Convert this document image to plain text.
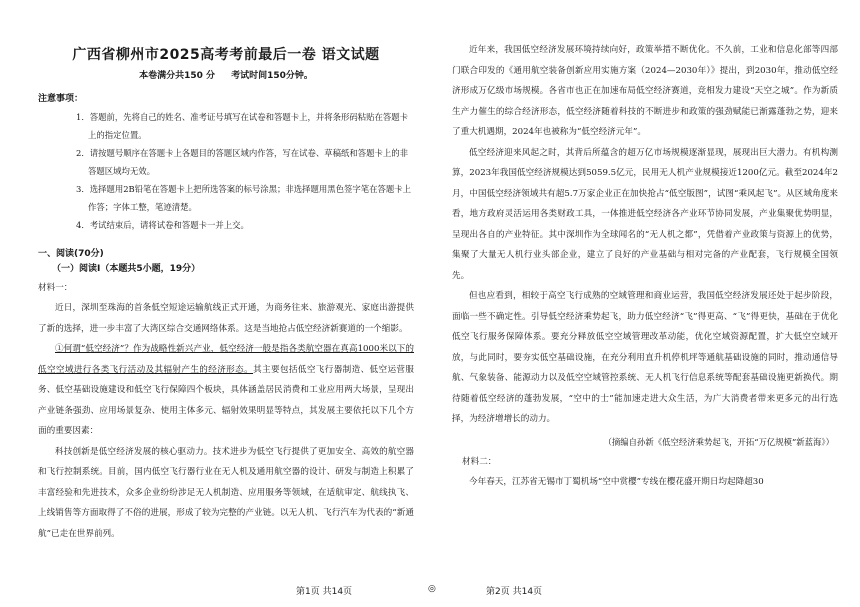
广西省柳州市2025高考考前最后一卷 语文试题
本卷满分共150 分 考试时间150分钟。
注意事项：
1．答题前，先将自己的姓名、准考证号填写在试卷和答题卡上，并将条形码粘贴在答题卡上的指定位置。
2．请按题号顺序在答题卡上各题目的答题区域内作答，写在试卷、草稿纸和答题卡上的非答题区域均无效。
3．选择题用2B铅笔在答题卡上把所选答案的标号涂黑；非选择题用黑色签字笔在答题卡上作答；字体工整，笔迹清楚。
4．考试结束后，请将试卷和答题卡一并上交。
一、阅读(70分)
（一）阅读Ⅰ（本题共5小题，19分）
材料一：

近日，深圳至珠海的首条低空短途运输航线正式开通，为商务往来、旅游观光、家庭出游提供了新的选择，进一步丰富了大湾区综合交通网络体系。这是当地抢占低空经济新赛道的一个缩影。

①何谓“低空经济”？作为战略性新兴产业，低空经济一般是指各类航空器在真高1000米以下的低空空域进行各类飞行活动及其辐射产生的经济形态。其主要包括低空飞行器制造、低空运营服务、低空基础设施建设和低空飞行保障四个板块，具体涵盖居民消费和工业应用两大场景，呈现出产业链条强劲、应用场景复杂、使用主体多元、辐射效果明显等特点，其发展主要依托以下几个方面的重要因素：

科技创新是低空经济发展的核心驱动力。技术进步为低空飞行提供了更加安全、高效的航空器和飞行控制系统。目前，国内低空飞行器行业在无人机及通用航空器的设计、研发与制造上积累了丰富经验和先进技术，众多企业纷纷涉足无人机制造、应用服务等领域，在适航审定、航线执飞、上线销售等方面取得了不俗的进展，形成了较为完整的产业链。以无人机、飞行汽车为代表的“新通航”已走在世界前列。

近年来，我国低空经济发展环境持续向好，政策举措不断优化。不久前，工业和信息化部等四部门联合印发的《通用航空装备创新应用实施方案（2024—2030年）》提出，到2030年，推动低空经济形成万亿级市场规模。各省市也正在加速布局低空经济赛道，竞相发力建设“天空之城”。作为新质生产力催生的综合经济形态，低空经济随着科技的不断进步和政策的强劲赋能已渐露蓬勃之势，迎来了重大机遇期，2024年也被称为“低空经济元年”。

低空经济迎来风起之时，其背后所蕴含的超万亿市场规模逐渐显现，展现出巨大潜力。有机构测算，2023年我国低空经济规模达到5059.5亿元，民用无人机产业规模接近1200亿元。截至2024年2月，中国低空经济领域共有超5.7万家企业正在加快抢占“低空版图”，试图“乘风起飞”。从区域角度来看，地方政府灵活运用各类财政工具，一体推进低空经济各产业环节协同发展，产业集聚优势明显，呈现出各自的产业特征。其中深圳作为全球闻名的“无人机之都”，凭借着产业政策与资源上的优势，集聚了大量无人机行业头部企业，建立了良好的产业基础与相对完备的产业配套，飞行规模全国领先。

但也应看到，相较于高空飞行成熟的空域管理和商业运营，我国低空经济发展还处于起步阶段，面临一些不确定性。引导低空经济乘势起飞，助力低空经济“飞”得更高、“飞”得更快，基础在于优化低空飞行服务保障体系。要充分释放低空空域管理改革动能，优化空域资源配置，扩大低空空域开放，与此同时，要夯实低空基础设施，在充分利用直升机停机坪等通航基础设施的同时，推动通信导航、气象装备、能源动力以及低空空域管控系统、无人机飞行信息系统等配套基础设施更新换代。期待随着低空经济的蓬勃发展，“空中的士”能加速走进大众生活，为广大消费者带来更多元的出行选择，为经济增增长的动力。

（摘编自孙新《低空经济乘势起飞，开拓“万亿规模”新蓝海》）
材料二：

今年春天，江苏省无锡市丁蜀机场“空中赏樱”专线在樱花盛开期日均起降超30

第1页 共14页	◎	第2页 共14页
